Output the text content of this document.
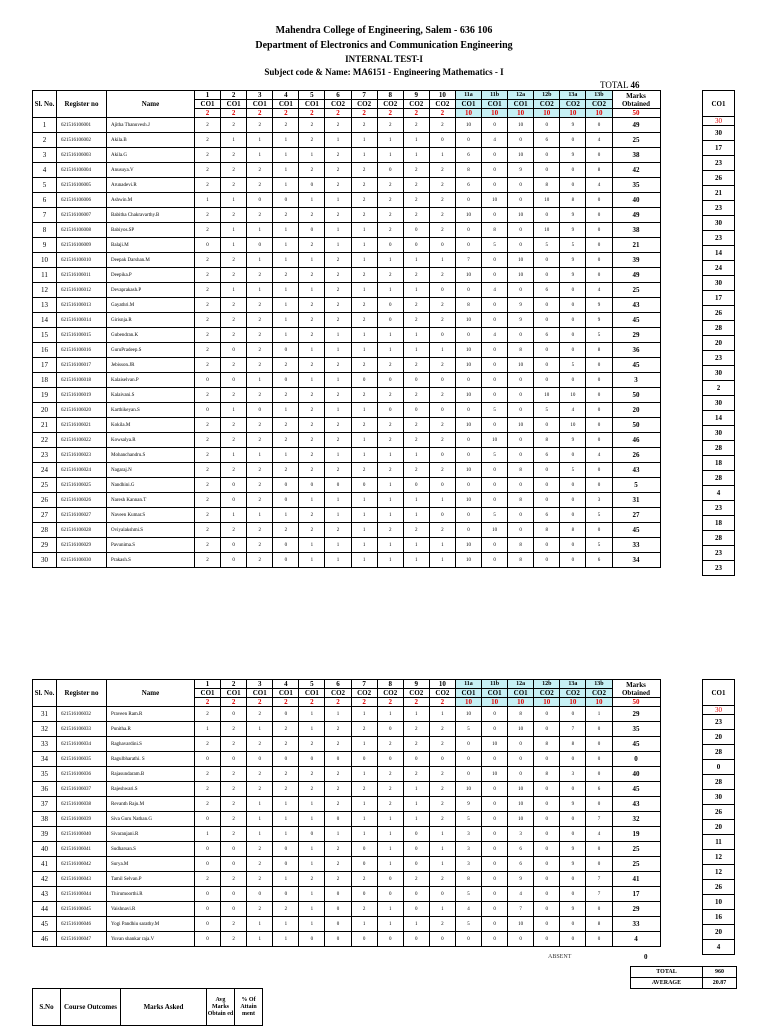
Mahendra College of Engineering, Salem - 636 106
Department of Electronics and Communication Engineering
INTERNAL TEST-I
Subject code & Name: MA6151 - Engineering Mathematics - I
TOTAL 46
Sl. No.	Register no	Name	1	2	3	4	5	6	7	8	9	10	11a	11b	12a	12b	13a	13b	Marks Obtained
			CO1	CO1	CO1	CO1	CO1	CO2	CO2	CO2	CO2	CO2	CO1	CO1	CO1	CO2	CO2	CO2	
			2	2	2	2	2	2	2	2	2	2	10	10	10	10	10	10	50
1	621516106001	Ajitha Thanuvesh.J	2	2	2	2	2	2	2	2	2	2	10	0	10	0	9	0	49
2	621516106002	Akila.B	2	1	1	1	2	1	1	1	1	0	0	4	0	6	0	4	25
3	621516106003	Akila.G	2	2	1	1	1	2	1	1	1	1	6	0	10	0	9	0	38
4	621516106004	Anusuya.V	2	2	2	1	2	2	2	0	2	2	8	0	9	0	0	8	42
5	621516106005	Arunadevi.R	2	2	2	1	0	2	2	2	2	2	6	0	0	8	0	4	35
6	621516106006	Ashwin.M	1	1	0	0	1	1	2	2	2	2	0	10	0	10	8	0	40
7	621516106007	Babitha Chakravarthy.B	2	2	2	2	2	2	2	2	2	2	10	0	10	0	9	0	49
8	621516106008	Babiyos.SP	2	1	1	1	0	1	1	2	0	2	0	8	0	10	9	0	38
9	621516106009	Balaji.M	0	1	0	1	2	1	1	0	0	0	0	5	0	5	5	0	21
10	621516106010	Deepak Darshan.M	2	2	1	1	1	2	1	1	1	1	7	0	10	0	9	0	39
11	621516106011	Deepika.P	2	2	2	2	2	2	2	2	2	2	10	0	10	0	9	0	49
12	621516106012	Devaprakash.P	2	1	1	1	1	2	1	1	1	0	0	4	0	6	0	4	25
13	621516106013	Gayathri.M	2	2	2	1	2	2	2	0	2	2	8	0	9	0	0	9	43
14	621516106014	Girisnja.R	2	2	2	1	2	2	2	0	2	2	10	0	9	0	0	9	45
15	621516106015	Gubendran.K	2	2	2	1	2	1	1	1	1	0	0	4	0	6	0	5	29
16	621516106016	GuruPradeep.S	2	0	2	0	1	1	1	1	1	1	10	0	8	0	0	8	36
17	621516106017	Jebisson.JR	2	2	2	2	2	2	2	2	2	2	10	0	10	0	5	0	45
18	621516106018	Kalaiselvan.P	0	0	1	0	1	1	0	0	0	0	0	0	0	0	0	0	3
19	621516106019	Kalaivani.S	2	2	2	2	2	2	2	2	2	2	10	0	0	10	10	0	50
20	621516106020	Karthikeyan.S	0	1	0	1	2	1	1	0	0	0	0	5	0	5	4	0	20
21	621516106021	Kokila.M	2	2	2	2	2	2	2	2	2	2	10	0	10	0	10	0	50
22	621516106022	Kowsalya.R	2	2	2	2	2	2	1	2	2	2	0	10	0	8	9	0	46
23	621516106023	Mohanchandru.S	2	1	1	1	2	1	1	1	1	0	0	5	0	6	0	4	26
24	621516106024	Nagaraj.N	2	2	2	2	2	2	2	2	2	2	10	0	8	0	5	0	43
25	621516106025	Nandhini.G	2	0	2	0	0	0	0	1	0	0	0	0	0	0	0	0	5
26	621516106026	Naresh Kannan.T	2	0	2	0	1	1	1	1	1	1	10	0	8	0	0	3	31
27	621516106027	Naveen Kumar.S	2	1	1	1	2	1	1	1	1	0	0	5	0	6	0	5	27
28	621516106028	Oviyalakshmi.S	2	2	2	2	2	2	1	2	2	2	0	10	0	8	8	0	45
29	621516106029	Pavunima.S	2	0	2	0	1	1	1	1	1	1	10	0	8	0	0	5	33
30	621516106030	Prakash.S	2	0	2	0	1	1	1	1	1	1	10	0	8	0	0	6	34
CO1
30
30
17
23
26
21
23
30
23
14
24
30
17
26
28
20
23
30
2
30
14
30
28
18
28
4
23
18
28
23
23
Sl. No.	Register no	Name	1	2	3	4	5	6	7	8	9	10	11a	11b	12a	12b	13a	13b	Marks Obtained
			CO1	CO1	CO1	CO1	CO1	CO2	CO2	CO2	CO2	CO2	CO1	CO1	CO1	CO2	CO2	CO2	
			2	2	2	2	2	2	2	2	2	2	10	10	10	10	10	10	50
31	621516106032	Praveen Ram.R	2	0	2	0	1	1	1	1	1	1	10	0	8	0	0	1	29
32	621516106033	Punitha.R	1	2	1	2	1	2	2	0	2	2	5	0	10	0	7	0	35
33	621516106034	Raghavardini.S	2	2	2	2	2	2	1	2	2	2	0	10	0	8	8	0	45
34	621516106035	Ragulbharathi. S	0	0	0	0	0	0	0	0	0	0	0	0	0	0	0	0	0
35	621516106036	Rajasundaram.B	2	2	2	2	2	2	1	2	2	2	0	10	0	8	3	0	40
36	621516106037	Rajeshwari.S	2	2	2	2	2	2	2	2	1	2	10	0	10	0	0	6	45
37	621516106038	Revanth Raju.M	2	2	1	1	1	2	1	2	1	2	9	0	10	0	9	0	43
38	621516106039	Siva Guru Nathan.G	0	2	1	1	1	0	1	1	1	2	5	0	10	0	0	7	32
39	621516106040	Sivaranjani.R	1	2	1	1	0	1	1	1	0	1	3	0	3	0	0	4	19
40	621516106041	Sudharsan.S	0	0	2	0	1	2	0	1	0	1	3	0	6	0	9	0	25
41	621516106042	Surya.M	0	0	2	0	1	2	0	1	0	1	3	0	6	0	9	0	25
42	621516106043	Tamil Selvan.P	2	2	2	1	2	2	2	0	2	2	8	0	9	0	0	7	41
43	621516106044	Thirumoorthi.R	0	0	0	0	1	0	0	0	0	0	5	0	4	0	0	7	17
44	621516106045	Vaishnavi.R	0	0	2	2	1	0	2	1	0	1	4	0	7	0	9	0	29
45	621516106046	Yogi Pandhiu sarathy.M	0	2	1	1	1	0	1	1	1	2	5	0	10	0	0	8	33
46	621516106047	Yuvan shankar raja.V	0	2	1	1	0	0	0	0	0	0	0	0	0	0	0	0	4
CO1
30
23
20
28
0
28
30
26
20
11
12
12
26
10
16
20
4
ABSENT	0
TOTAL	960
AVERAGE	20.87
S.No	Course Outcomes	Marks Asked	Avg Marks Obtain ed	% Of Attain ment
